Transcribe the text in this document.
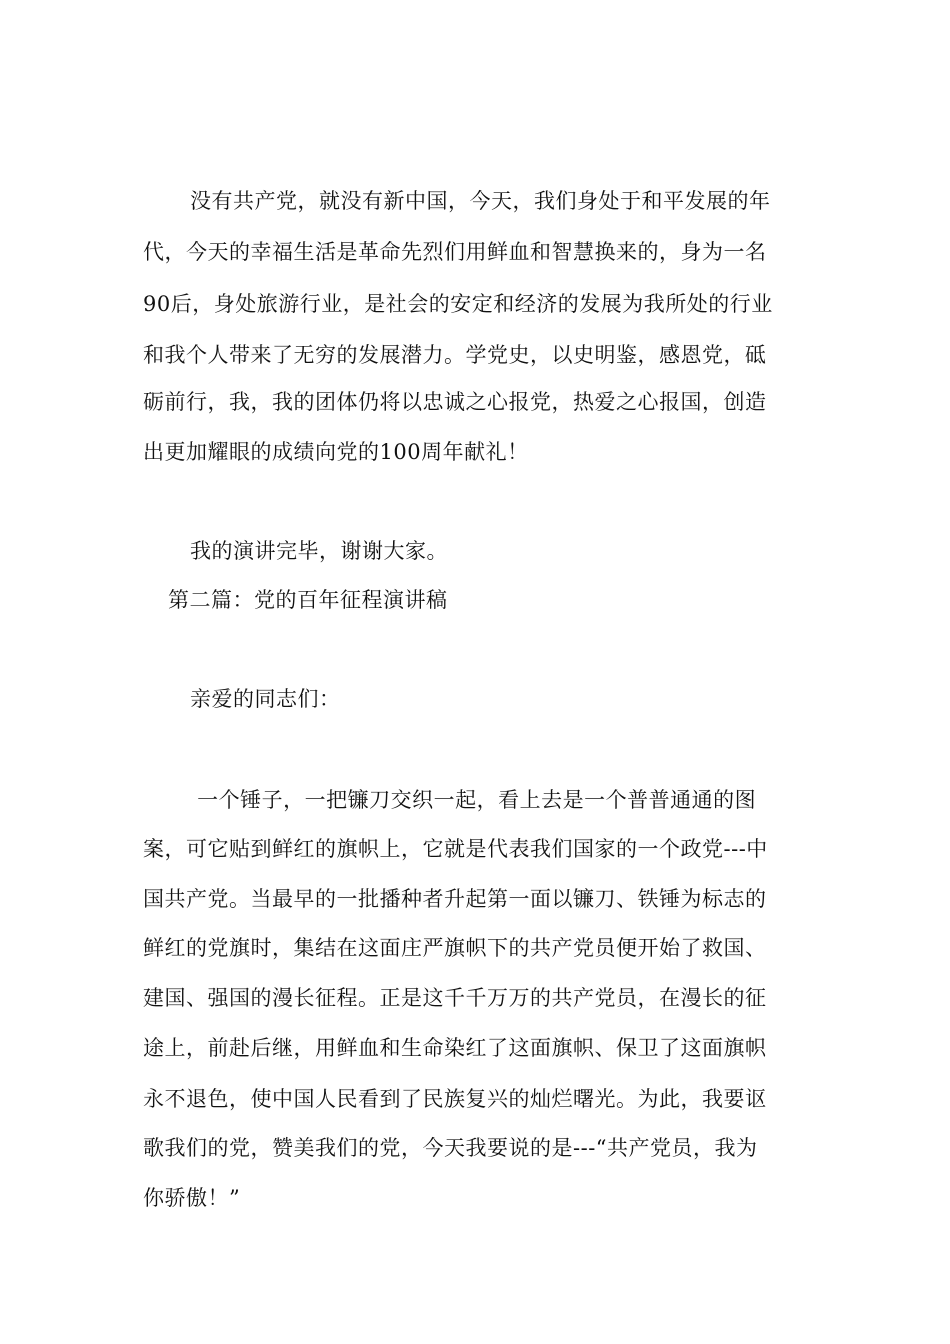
没有共产党，就没有新中国，今天，我们身处于和平发展的年
代，今天的幸福生活是革命先烈们用鲜血和智慧换来的，身为一名
90后，身处旅游行业，是社会的安定和经济的发展为我所处的行业
和我个人带来了无穷的发展潜力。学党史，以史明鉴，感恩党，砥
砺前行，我，我的团体仍将以忠诚之心报党，热爱之心报国，创造
出更加耀眼的成绩向党的100周年献礼！
我的演讲完毕，谢谢大家。
第二篇：党的百年征程演讲稿
亲爱的同志们：
一个锤子，一把镰刀交织一起，看上去是一个普普通通的图
案，可它贴到鲜红的旗帜上，它就是代表我们国家的一个政党---中
国共产党。当最早的一批播种者升起第一面以镰刀、铁锤为标志的
鲜红的党旗时，集结在这面庄严旗帜下的共产党员便开始了救国、
建国、强国的漫长征程。正是这千千万万的共产党员，在漫长的征
途上，前赴后继，用鲜血和生命染红了这面旗帜、保卫了这面旗帜
永不退色，使中国人民看到了民族复兴的灿烂曙光。为此，我要讴
歌我们的党，赞美我们的党，今天我要说的是---“共产党员，我为
你骄傲！”
